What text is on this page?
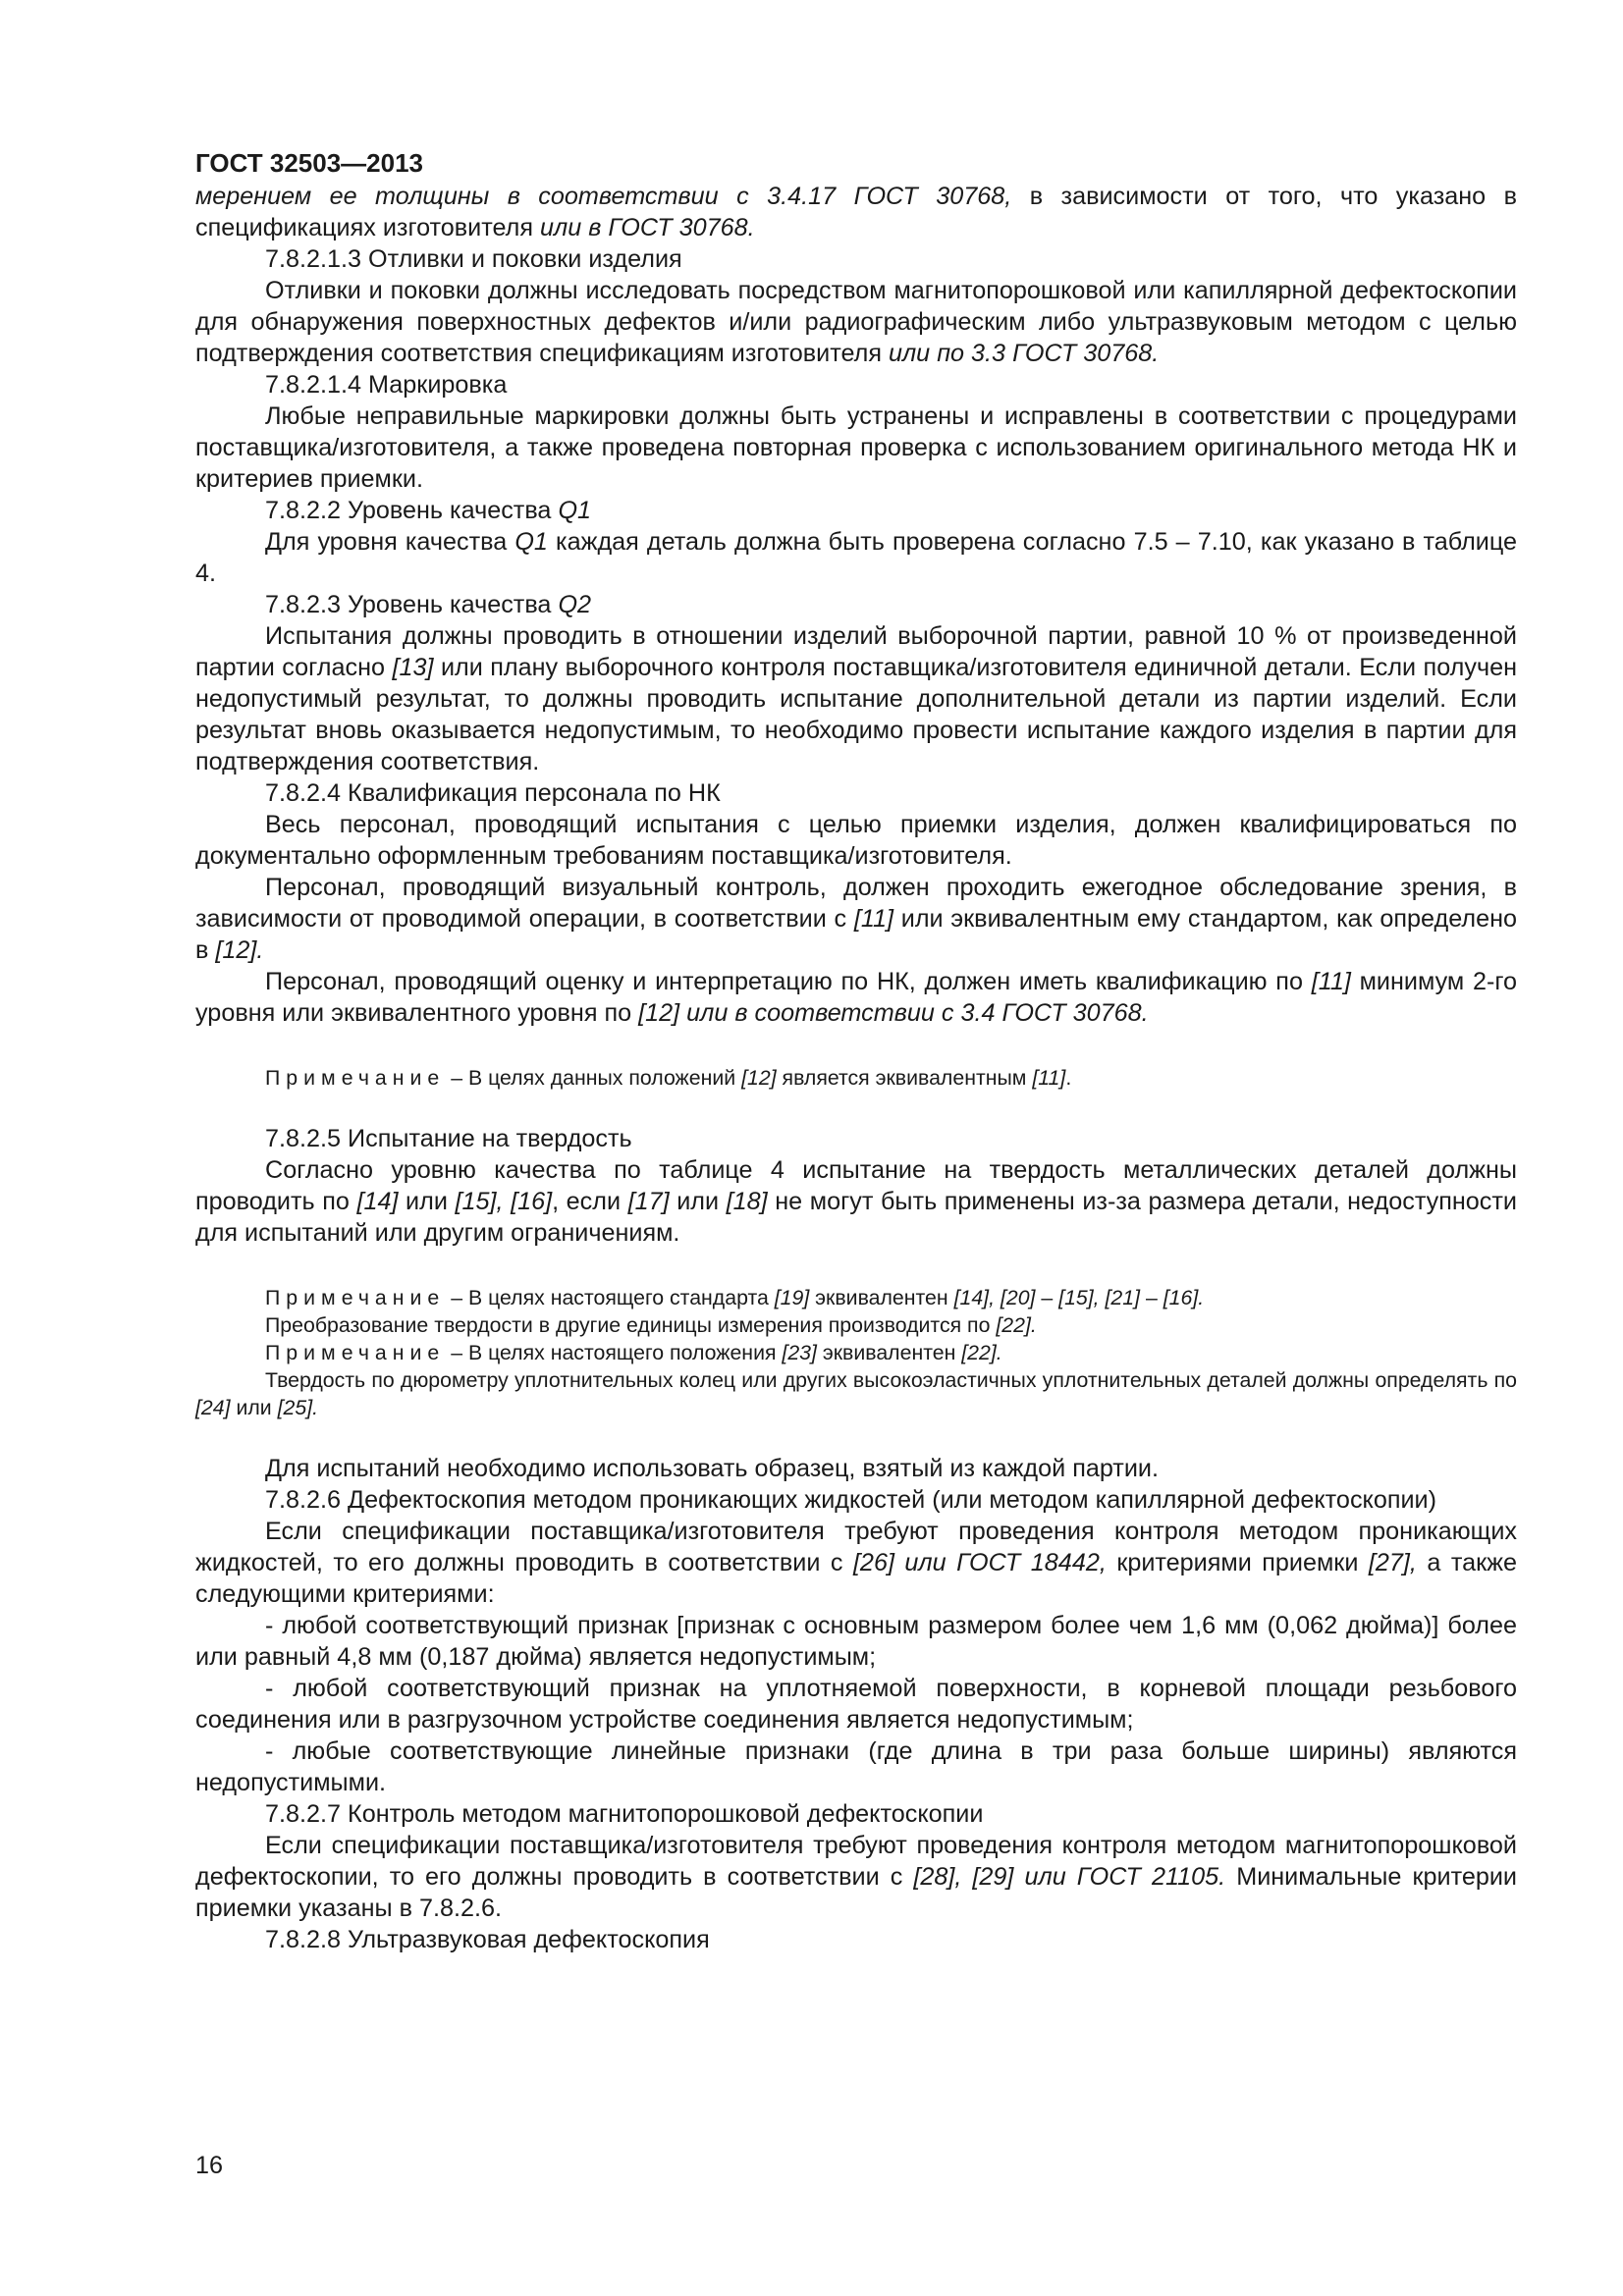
ГОСТ 32503—2013

мерением ее толщины в соответствии с 3.4.17 ГОСТ 30768, в зависимости от того, что указано в спецификациях изготовителя или в ГОСТ 30768.

7.8.2.1.3 Отливки и поковки изделия

Отливки и поковки должны исследовать посредством магнитопорошковой или капиллярной дефектоскопии для обнаружения поверхностных дефектов и/или радиографическим либо ультразвуковым методом с целью подтверждения соответствия спецификациям изготовителя или по 3.3 ГОСТ 30768.

7.8.2.1.4 Маркировка

Любые неправильные маркировки должны быть устранены и исправлены в соответствии с процедурами поставщика/изготовителя, а также проведена повторная проверка с использованием оригинального метода НК и критериев приемки.

7.8.2.2 Уровень качества Q1

Для уровня качества Q1 каждая деталь должна быть проверена согласно 7.5 – 7.10, как указано в таблице 4.

7.8.2.3 Уровень качества Q2

Испытания должны проводить в отношении изделий выборочной партии, равной 10 % от произведенной партии согласно [13] или плану выборочного контроля поставщика/изготовителя единичной детали. Если получен недопустимый результат, то должны проводить испытание дополнительной детали из партии изделий. Если результат вновь оказывается недопустимым, то необходимо провести испытание каждого изделия в партии для подтверждения соответствия.

7.8.2.4 Квалификация персонала по НК

Весь персонал, проводящий испытания с целью приемки изделия, должен квалифицироваться по документально оформленным требованиям поставщика/изготовителя.

Персонал, проводящий визуальный контроль, должен проходить ежегодное обследование зрения, в зависимости от проводимой операции, в соответствии с [11] или эквивалентным ему стандартом, как определено в [12].

Персонал, проводящий оценку и интерпретацию по НК, должен иметь квалификацию по [11] минимум 2-го уровня или эквивалентного уровня по [12] или в соответствии с 3.4 ГОСТ 30768.

Примечание – В целях данных положений [12] является эквивалентным [11].

7.8.2.5 Испытание на твердость

Согласно уровню качества по таблице 4 испытание на твердость металлических деталей должны проводить по [14] или [15], [16], если [17] или [18] не могут быть применены из-за размера детали, недоступности для испытаний или другим ограничениям.

Примечание – В целях настоящего стандарта [19] эквивалентен [14], [20] – [15], [21] – [16].

Преобразование твердости в другие единицы измерения производится по [22].

Примечание – В целях настоящего положения [23] эквивалентен [22].

Твердость по дюрометру уплотнительных колец или других высокоэластичных уплотнительных деталей должны определять по [24] или [25].

Для испытаний необходимо использовать образец, взятый из каждой партии.

7.8.2.6 Дефектоскопия методом проникающих жидкостей (или методом капиллярной дефектоскопии)

Если спецификации поставщика/изготовителя требуют проведения контроля методом проникающих жидкостей, то его должны проводить в соответствии с [26] или ГОСТ 18442, критериями приемки [27], а также следующими критериями:

- любой соответствующий признак [признак с основным размером более чем 1,6 мм (0,062 дюйма)] более или равный 4,8 мм (0,187 дюйма) является недопустимым;

- любой соответствующий признак на уплотняемой поверхности, в корневой площади резьбового соединения или в разгрузочном устройстве соединения является недопустимым;

- любые соответствующие линейные признаки (где длина в три раза больше ширины) являются недопустимыми.

7.8.2.7 Контроль методом магнитопорошковой дефектоскопии

Если спецификации поставщика/изготовителя требуют проведения контроля методом магнитопорошковой дефектоскопии, то его должны проводить в соответствии с [28], [29] или ГОСТ 21105. Минимальные критерии приемки указаны в 7.8.2.6.

7.8.2.8 Ультразвуковая дефектоскопия

16
